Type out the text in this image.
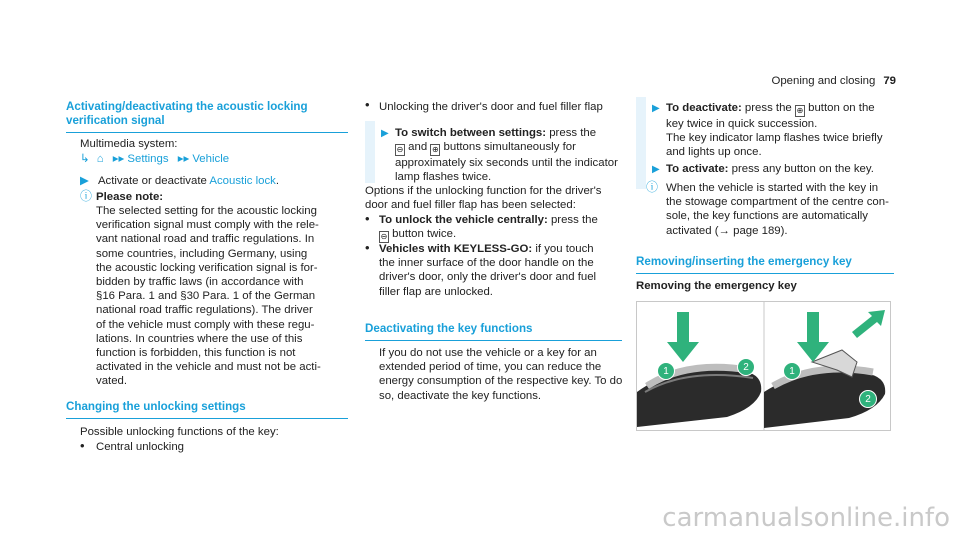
Opening and closing 79
Activating/deactivating the acoustic locking verification signal
Multimedia system:
↳ ⌂ ▸▸ Settings ▸▸ Vehicle
▶ Activate or deactivate Acoustic lock.
ⓘ Please note:
The selected setting for the acoustic locking
verification signal must comply with the rele-
vant national road and traffic regulations. In
some countries, including Germany, using
the acoustic locking verification signal is for-
bidden by traffic laws (in accordance with
§16 Para. 1 and §30 Para. 1 of the German
national road traffic regulations). The driver
of the vehicle must comply with these regu-
lations. In countries where the use of this
function is forbidden, this function is not
activated in the vehicle and must not be acti-
vated.
Changing the unlocking settings
Possible unlocking functions of the key:
• Central unlocking
• Unlocking the driver's door and fuel filler flap
▶ To switch between settings: press the
⊖ and ⊕ buttons simultaneously for
approximately six seconds until the indicator
lamp flashes twice.
Options if the unlocking function for the driver's
door and fuel filler flap has been selected:
• To unlock the vehicle centrally: press the
⊖ button twice.
• Vehicles with KEYLESS-GO: if you touch
the inner surface of the door handle on the
driver's door, only the driver's door and fuel
filler flap are unlocked.
Deactivating the key functions
If you do not use the vehicle or a key for an
extended period of time, you can reduce the
energy consumption of the respective key. To do
so, deactivate the key functions.
▶ To deactivate: press the ⊕ button on the
key twice in quick succession.
The key indicator lamp flashes twice briefly
and lights up once.
▶ To activate: press any button on the key.
ⓘ When the vehicle is started with the key in
the stowage compartment of the centre con-
sole, the key functions are automatically
activated (→ page 189).
Removing/inserting the emergency key
Removing the emergency key
1	2	1
2
carmanualsonline.info
